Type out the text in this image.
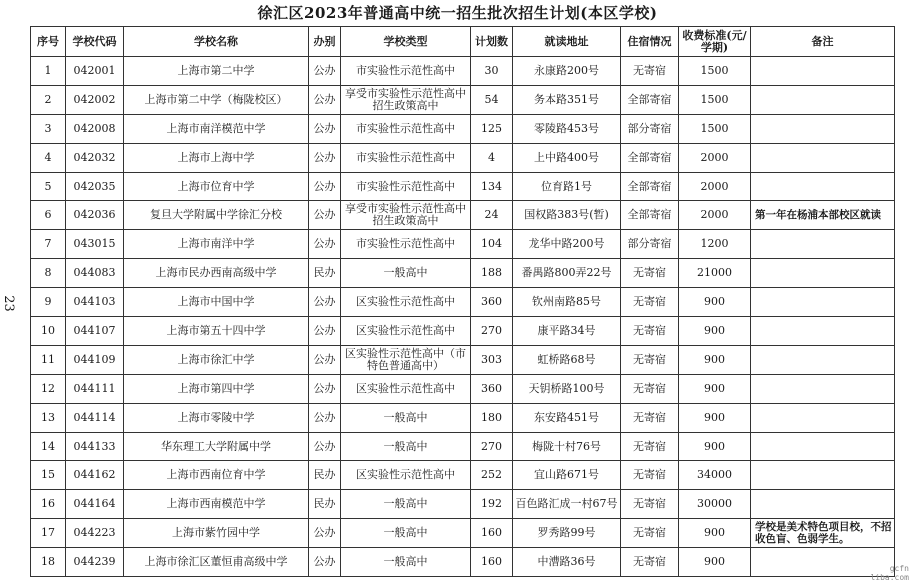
徐汇区2023年普通高中统一招生批次招生计划(本区学校)
23
序号	学校代码	学校名称	办别	学校类型	计划数	就读地址	住宿情况	收费标准(元/学期)	备注
1	042001	上海市第二中学	公办	市实验性示范性高中	30	永康路200号	无寄宿	1500	
2	042002	上海市第二中学（梅陇校区）	公办	享受市实验性示范性高中招生政策高中	54	务本路351号	全部寄宿	1500	
3	042008	上海市南洋模范中学	公办	市实验性示范性高中	125	零陵路453号	部分寄宿	1500	
4	042032	上海市上海中学	公办	市实验性示范性高中	4	上中路400号	全部寄宿	2000	
5	042035	上海市位育中学	公办	市实验性示范性高中	134	位育路1号	全部寄宿	2000	
6	042036	复旦大学附属中学徐汇分校	公办	享受市实验性示范性高中招生政策高中	24	国权路383号(暂)	全部寄宿	2000	第一年在杨浦本部校区就读
7	043015	上海市南洋中学	公办	市实验性示范性高中	104	龙华中路200号	部分寄宿	1200	
8	044083	上海市民办西南高级中学	民办	一般高中	188	番禺路800弄22号	无寄宿	21000	
9	044103	上海市中国中学	公办	区实验性示范性高中	360	钦州南路85号	无寄宿	900	
10	044107	上海市第五十四中学	公办	区实验性示范性高中	270	康平路34号	无寄宿	900	
11	044109	上海市徐汇中学	公办	区实验性示范性高中（市特色普通高中）	303	虹桥路68号	无寄宿	900	
12	044111	上海市第四中学	公办	区实验性示范性高中	360	天钥桥路100号	无寄宿	900	
13	044114	上海市零陵中学	公办	一般高中	180	东安路451号	无寄宿	900	
14	044133	华东理工大学附属中学	公办	一般高中	270	梅陇十村76号	无寄宿	900	
15	044162	上海市西南位育中学	民办	区实验性示范性高中	252	宜山路671号	无寄宿	34000	
16	044164	上海市西南模范中学	民办	一般高中	192	百色路汇成一村67号	无寄宿	30000	
17	044223	上海市紫竹园中学	公办	一般高中	160	罗秀路99号	无寄宿	900	学校是美术特色项目校，不招收色盲、色弱学生。
18	044239	上海市徐汇区董恒甫高级中学	公办	一般高中	160	中漕路36号	无寄宿	900	
gcfn
liba.com
